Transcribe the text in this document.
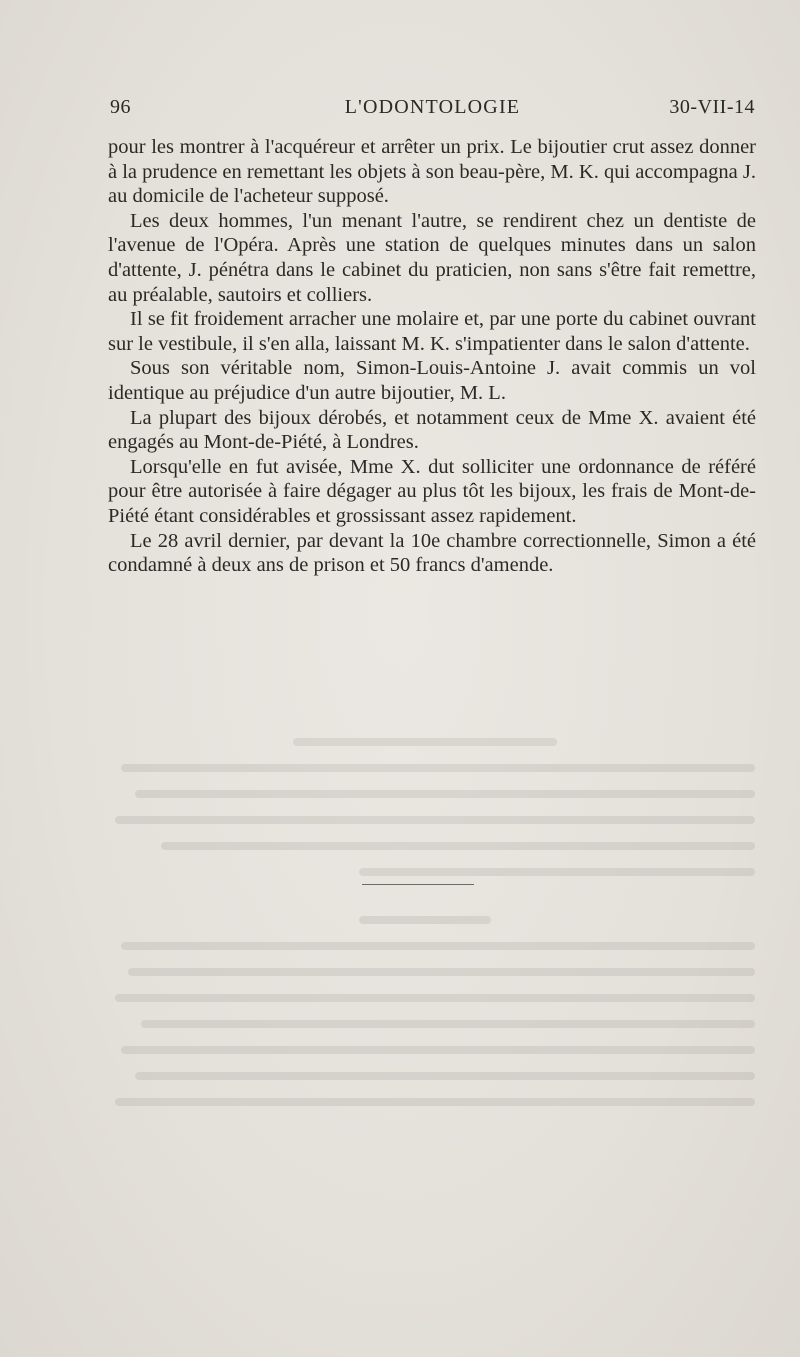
96	L'ODONTOLOGIE	30-VII-14

pour les montrer à l'acquéreur et arrêter un prix. Le bijoutier crut assez donner à la prudence en remettant les objets à son beau-père, M. K. qui accompagna J. au domicile de l'acheteur supposé.

Les deux hommes, l'un menant l'autre, se rendirent chez un dentiste de l'avenue de l'Opéra. Après une station de quelques minutes dans un salon d'attente, J. pénétra dans le cabinet du praticien, non sans s'être fait remettre, au préalable, sautoirs et colliers.

Il se fit froidement arracher une molaire et, par une porte du cabinet ouvrant sur le vestibule, il s'en alla, laissant M. K. s'impatienter dans le salon d'attente.

Sous son véritable nom, Simon-Louis-Antoine J. avait commis un vol identique au préjudice d'un autre bijoutier, M. L.

La plupart des bijoux dérobés, et notamment ceux de Mme X. avaient été engagés au Mont-de-Piété, à Londres.

Lorsqu'elle en fut avisée, Mme X. dut solliciter une ordonnance de référé pour être autorisée à faire dégager au plus tôt les bijoux, les frais de Mont-de-Piété étant considérables et grossissant assez rapidement.

Le 28 avril dernier, par devant la 10e chambre correctionnelle, Simon a été condamné à deux ans de prison et 50 francs d'amende.
